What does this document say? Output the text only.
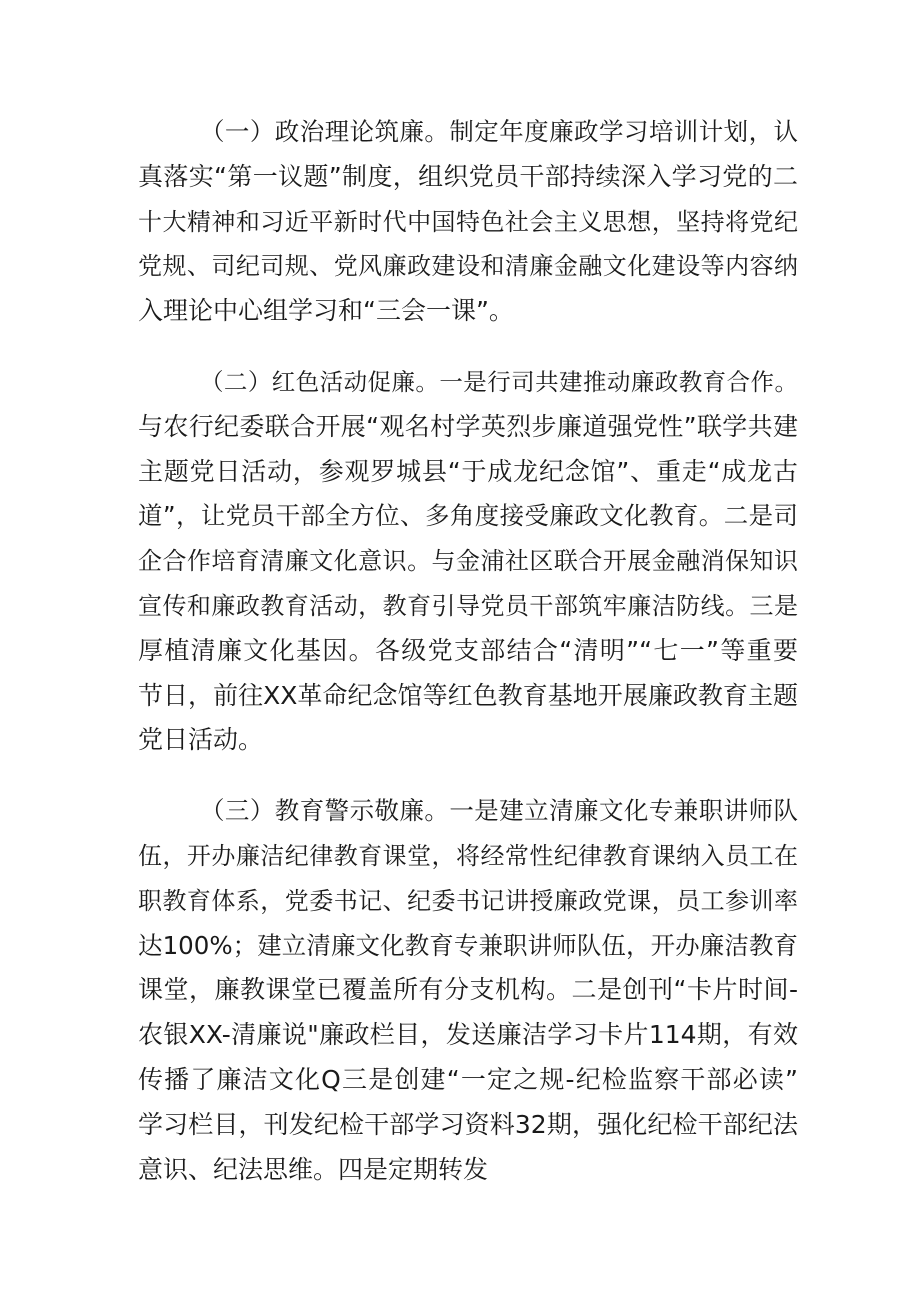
（一）政治理论筑廉。制定年度廉政学习培训计划，认
真落实“第一议题”制度，组织党员干部持续深入学习党的二
十大精神和习近平新时代中国特色社会主义思想，坚持将党纪
党规、司纪司规、党风廉政建设和清廉金融文化建设等内容纳
入理论中心组学习和“三会一课”。
（二）红色活动促廉。一是行司共建推动廉政教育合作。
与农行纪委联合开展“观名村学英烈步廉道强党性”联学共建
主题党日活动，参观罗城县“于成龙纪念馆”、重走“成龙古
道”，让党员干部全方位、多角度接受廉政文化教育。二是司
企合作培育清廉文化意识。与金浦社区联合开展金融消保知识
宣传和廉政教育活动，教育引导党员干部筑牢廉洁防线。三是
厚植清廉文化基因。各级党支部结合“清明”“七一”等重要
节日，前往XX革命纪念馆等红色教育基地开展廉政教育主题
党日活动。
（三）教育警示敬廉。一是建立清廉文化专兼职讲师队
伍，开办廉洁纪律教育课堂，将经常性纪律教育课纳入员工在
职教育体系，党委书记、纪委书记讲授廉政党课，员工参训率
达100%；建立清廉文化教育专兼职讲师队伍，开办廉洁教育
课堂，廉教课堂已覆盖所有分支机构。二是创刊“卡片时间-
农银XX-清廉说"廉政栏目，发送廉洁学习卡片114期，有效
传播了廉洁文化Q三是创建“一定之规-纪检监察干部必读”
学习栏目，刊发纪检干部学习资料32期，强化纪检干部纪法
意识、纪法思维。四是定期转发
